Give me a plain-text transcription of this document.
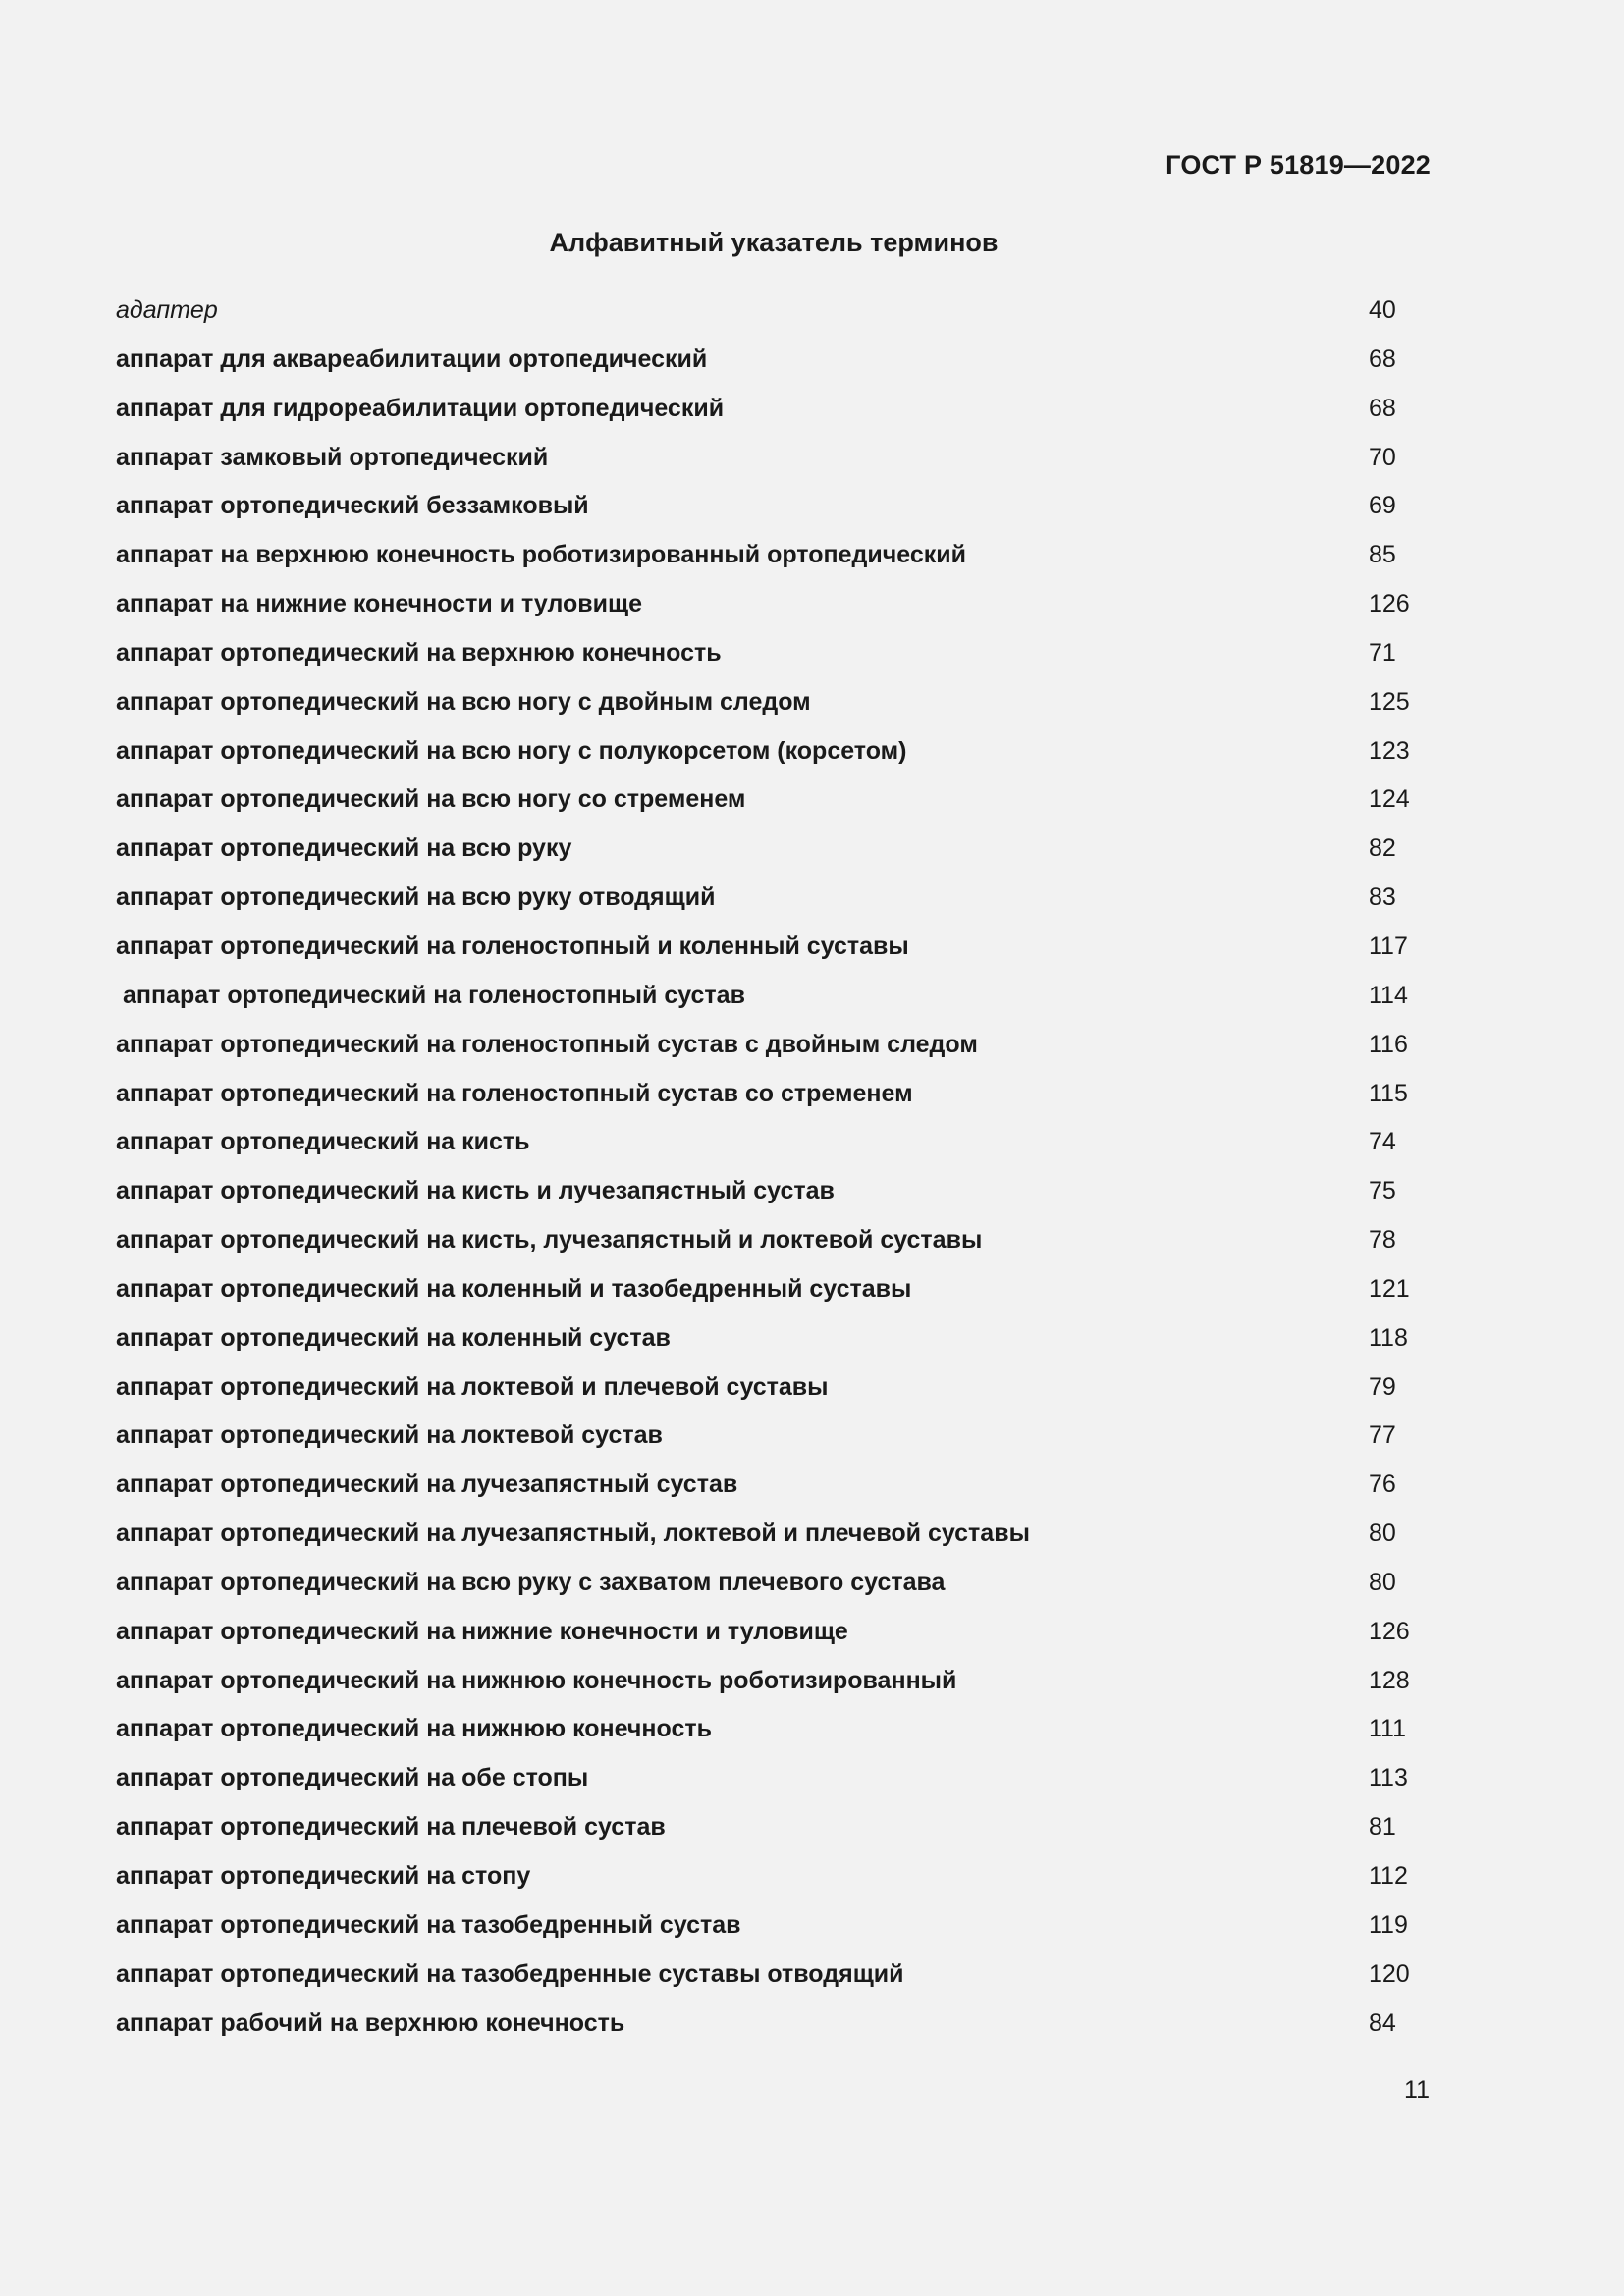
ГОСТ Р 51819—2022
Алфавитный указатель терминов
адаптер	40
аппарат для аквареабилитации ортопедический	68
аппарат для гидрореабилитации ортопедический	68
аппарат замковый ортопедический	70
аппарат ортопедический беззамковый	69
аппарат на верхнюю конечность роботизированный ортопедический	85
аппарат на нижние конечности и туловище	126
аппарат ортопедический на верхнюю конечность	71
аппарат ортопедический на всю ногу с двойным следом	125
аппарат ортопедический на всю ногу с полукорсетом (корсетом)	123
аппарат ортопедический на всю ногу со стременем	124
аппарат ортопедический на всю руку	82
аппарат ортопедический на всю руку отводящий	83
аппарат ортопедический на голеностопный и коленный суставы	117
аппарат ортопедический на голеностопный сустав	114
аппарат ортопедический на голеностопный сустав с двойным следом	116
аппарат ортопедический на голеностопный сустав со стременем	115
аппарат ортопедический на кисть	74
аппарат ортопедический на кисть и лучезапястный сустав	75
аппарат ортопедический на кисть, лучезапястный и локтевой суставы	78
аппарат ортопедический на коленный и тазобедренный суставы	121
аппарат ортопедический на коленный сустав	118
аппарат ортопедический на локтевой и плечевой суставы	79
аппарат ортопедический на локтевой сустав	77
аппарат ортопедический на лучезапястный сустав	76
аппарат ортопедический на лучезапястный, локтевой и плечевой суставы	80
аппарат ортопедический на всю руку с захватом плечевого сустава	80
аппарат ортопедический на нижние конечности и туловище	126
аппарат ортопедический на нижнюю конечность роботизированный	128
аппарат ортопедический на нижнюю конечность	111
аппарат ортопедический на обе стопы	113
аппарат ортопедический на плечевой сустав	81
аппарат ортопедический на стопу	112
аппарат ортопедический на тазобедренный сустав	119
аппарат ортопедический на тазобедренные суставы отводящий	120
аппарат рабочий на верхнюю конечность	84
11
